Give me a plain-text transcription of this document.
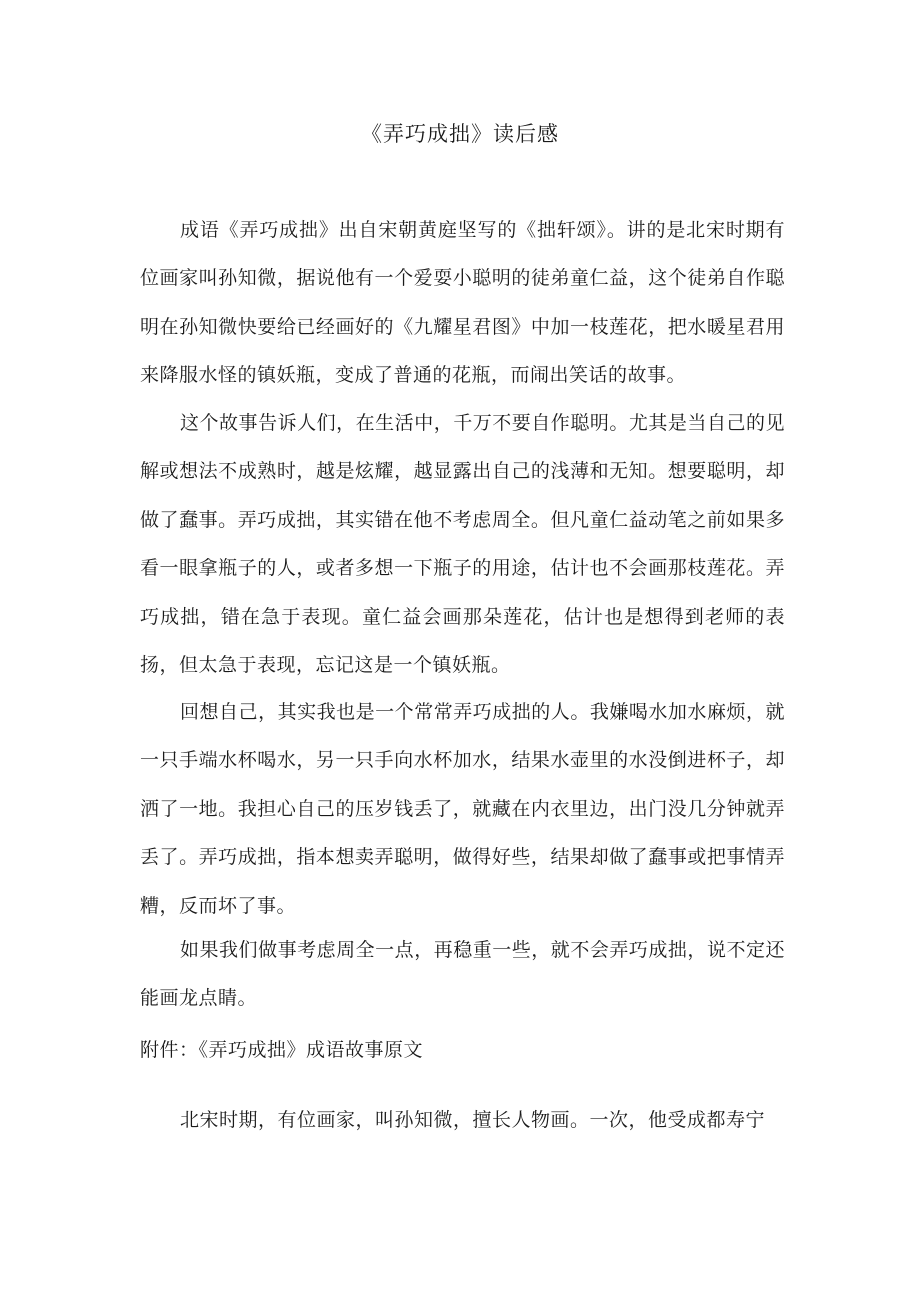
《弄巧成拙》读后感

成语《弄巧成拙》出自宋朝黄庭坚写的《拙轩颂》。讲的是北宋时期有位画家叫孙知微，据说他有一个爱耍小聪明的徒弟童仁益，这个徒弟自作聪明在孙知微快要给已经画好的《九耀星君图》中加一枝莲花，把水暖星君用来降服水怪的镇妖瓶，变成了普通的花瓶，而闹出笑话的故事。

这个故事告诉人们，在生活中，千万不要自作聪明。尤其是当自己的见解或想法不成熟时，越是炫耀，越显露出自己的浅薄和无知。想要聪明，却做了蠢事。弄巧成拙，其实错在他不考虑周全。但凡童仁益动笔之前如果多看一眼拿瓶子的人，或者多想一下瓶子的用途，估计也不会画那枝莲花。弄巧成拙，错在急于表现。童仁益会画那朵莲花，估计也是想得到老师的表扬，但太急于表现，忘记这是一个镇妖瓶。

回想自己，其实我也是一个常常弄巧成拙的人。我嫌喝水加水麻烦，就一只手端水杯喝水，另一只手向水杯加水，结果水壶里的水没倒进杯子，却洒了一地。我担心自己的压岁钱丢了，就藏在内衣里边，出门没几分钟就弄丢了。弄巧成拙，指本想卖弄聪明，做得好些，结果却做了蠢事或把事情弄糟，反而坏了事。

如果我们做事考虑周全一点，再稳重一些，就不会弄巧成拙，说不定还能画龙点睛。

附件：《弄巧成拙》成语故事原文

北宋时期，有位画家，叫孙知微，擅长人物画。一次，他受成都寿宁
